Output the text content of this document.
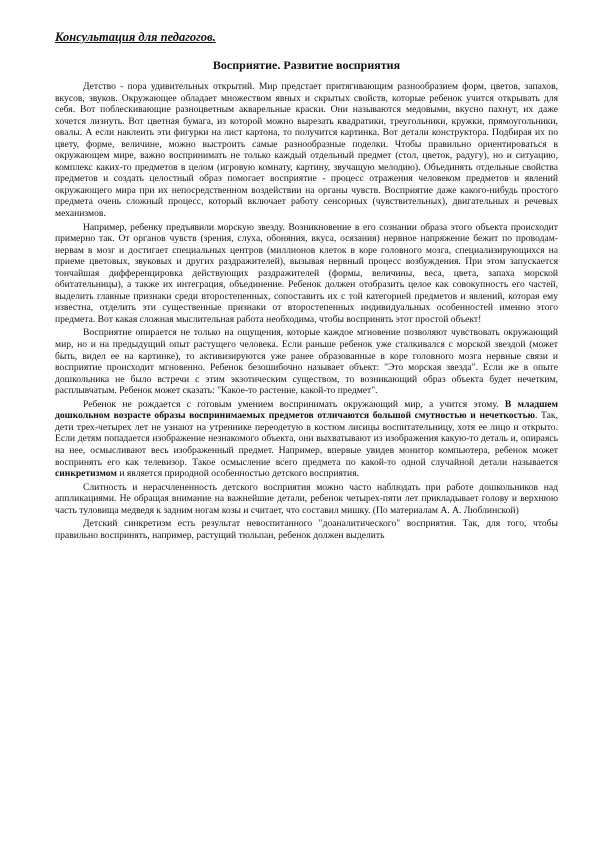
Консультация для педагогов.
Восприятие. Развитие восприятия

Детство - пора удивительных открытий. Мир предстает притягивающим разнообразием форм, цветов, запахов, вкусов, звуков. Окружающее обладает множеством явных и скрытых свойств, которые ребенок учится открывать для себя. Вот поблескивающие разноцветным акварельные краски. Они называются медовыми, вкусно пахнут, их даже хочется лизнуть. Вот цветная бумага, из которой можно вырезать квадратики, треугольники, кружки, прямоугольники, овалы. А если наклеить эти фигурки на лист картона, то получится картинка. Вот детали конструктора. Подбирая их по цвету, форме, величине, можно выстроить самые разнообразные поделки. Чтобы правильно ориентироваться в окружающем мире, важно воспринимать не только каждый отдельный предмет (стол, цветок, радугу), но и ситуацию, комплекс каких-то предметов в целом (игровую комнату, картину, звучащую мелодию). Объединять отдельные свойства предметов и создать целостный образ помогает восприятие - процесс отражения человеком предметов и явлений окружающего мира при их непосредственном воздействии на органы чувств. Восприятие даже какого-нибудь простого предмета очень сложный процесс, который включает работу сенсорных (чувствительных), двигательных и речевых механизмов.

Например, ребенку предъявили морскую звезду. Возникновение в его сознании образа этого объекта происходит примерно так. От органов чувств (зрения, слуха, обоняния, вкуса, осязания) нервное напряжение бежит по проводам-нервам в мозг и достигает специальных центров (миллионов клеток в коре головного мозга, специализирующихся на приеме цветовых, звуковых и других раздражителей), вызывая нервный процесс возбуждения. При этом запускается тончайшая дифференцировка действующих раздражителей (формы, величины, веса, цвета, запаха морской обитательницы), а также их интеграция, объединение. Ребенок должен отобразить целое как совокупность его частей, выделить главные признаки среди второстепенных, сопоставить их с той категорией предметов и явлений, которая ему известна, отделить эти существенные признаки от второстепенных индивидуальных особенностей именно этого предмета. Вот какая сложная мыслительная работа необходима, чтобы воспринять этот простой объект!

Восприятие опирается не только на ощущения, которые каждое мгновение позволяют чувствовать окружающий мир, но и на предыдущий опыт растущего человека. Если раньше ребенок уже сталкивался с морской звездой (может быть, видел ее на картинке), то активизируются уже ранее образованные в коре головного мозга нервные связи и восприятие происходит мгновенно. Ребенок безошибочно называет объект: "Это морская звезда". Если же в опыте дошкольника не было встречи с этим экзотическим существом, то возникающий образ объекта будет нечетким, расплывчатым. Ребенок может сказать: "Какое-то растение, какой-то предмет".

Ребенок не рождается с готовым умением воспринимать окружающий мир, а учится этому. В младшем дошкольном возрасте образы воспринимаемых предметов отличаются большой смутностью и нечеткостью. Так, дети трех-четырех лет не узнают на утреннике переодетую в костюм лисицы воспитательницу, хотя ее лицо и открыто. Если детям попадается изображение незнакомого объекта, они выхватывают из изображения какую-то деталь и, опираясь на нее, осмысливают весь изображенный предмет. Например, впервые увидев монитор компьютера, ребенок может воспринять его как телевизор. Такое осмысление всего предмета по какой-то одной случайной детали называется синкретизмом и является природной особенностью детского восприятия.

Слитность и нерасчлененность детского восприятия можно часто наблюдать при работе дошкольников над аппликациями. Не обращая внимание на важнейшие детали, ребенок четырех-пяти лет прикладывает голову и верхнюю часть туловища медведя к задним ногам козы и считает, что составил мишку. (По материалам А. А. Люблинской)

Детский синкретизм есть результат невоспитанного "доаналитического" восприятия. Так, для того, чтобы правильно воспринять, например, растущий тюльпан, ребенок должен выделить
